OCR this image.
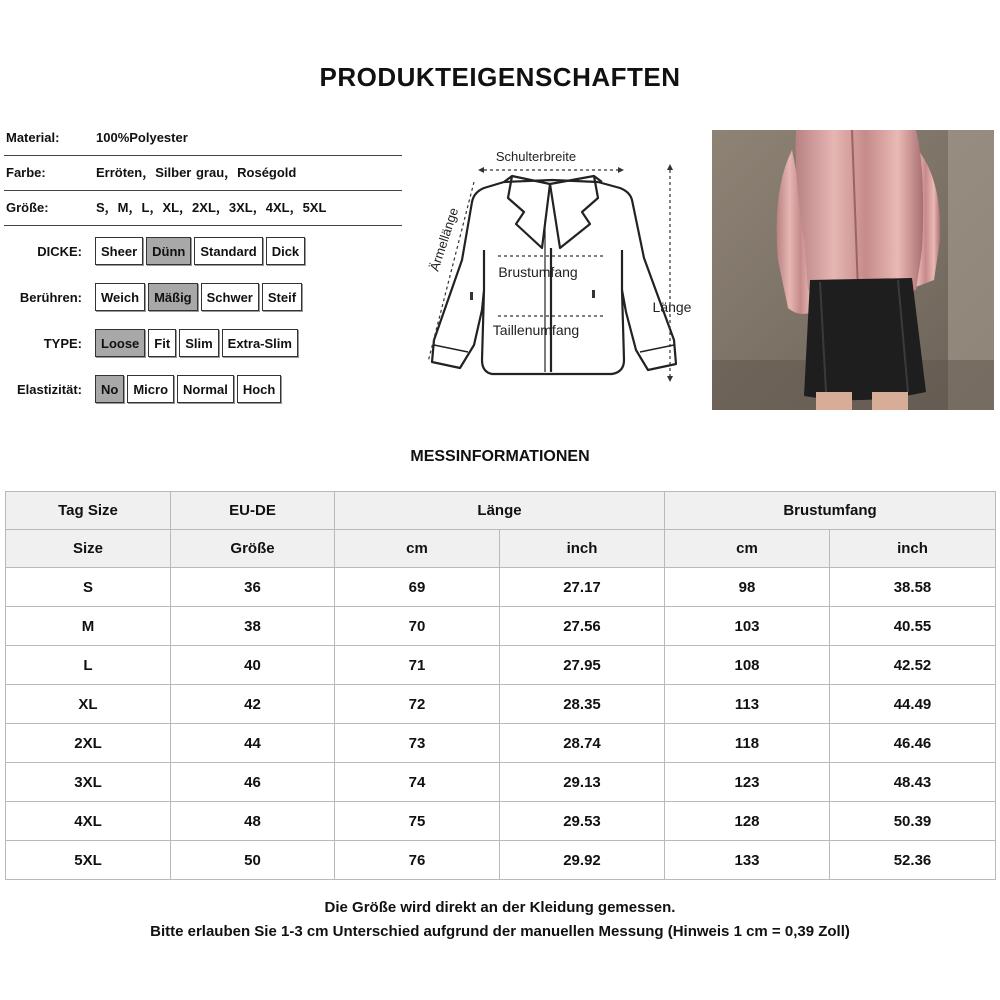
PRODUKTEIGENSCHAFTEN
Material:	100%Polyester
Farbe:	Erröten，Silber grau，Roségold
Größe:	S，M，L，XL，2XL，3XL，4XL，5XL
DICKE:	Sheer	Dünn	Standard	Dick
Berühren:	Weich	Mäßig	Schwer	Steif
TYPE:	Loose	Fit	Slim	Extra-Slim
Elastizität:	No	Micro	Normal	Hoch
Schulterbreite
Ärmellänge	Brustumfang
Taillenumfang
Länge
MESSINFORMATIONEN
Tag Size	EU-DE	Länge		Brustumfang	
Size	Größe	cm	inch	cm	inch
S	36	69	27.17	98	38.58
M	38	70	27.56	103	40.55
L	40	71	27.95	108	42.52
XL	42	72	28.35	113	44.49
2XL	44	73	28.74	118	46.46
3XL	46	74	29.13	123	48.43
4XL	48	75	29.53	128	50.39
5XL	50	76	29.92	133	52.36
Die Größe wird direkt an der Kleidung gemessen.
Bitte erlauben Sie 1-3 cm Unterschied aufgrund der manuellen Messung (Hinweis 1 cm = 0,39 Zoll)
